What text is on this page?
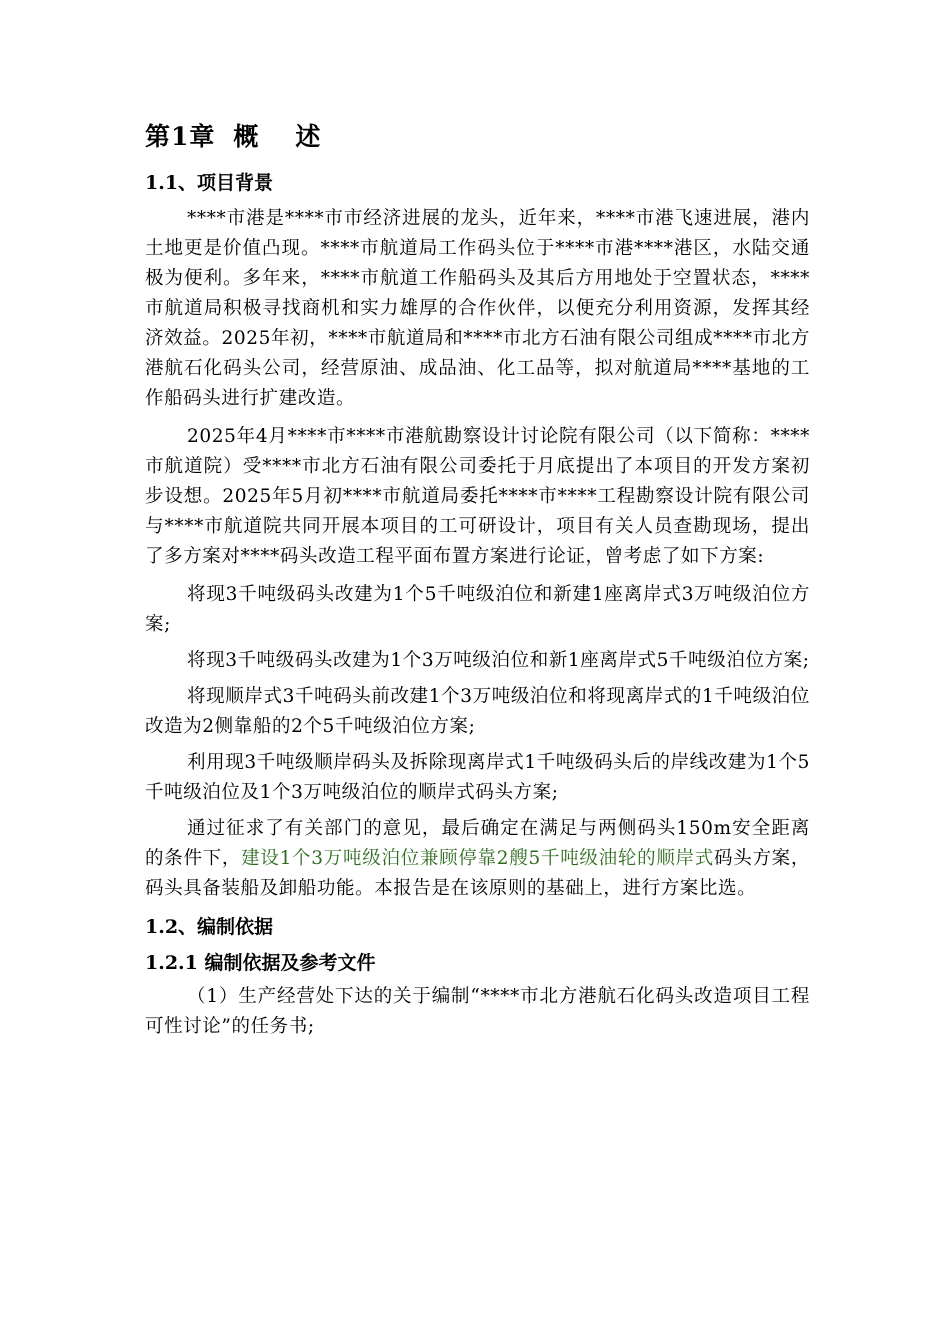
第1章 概 述
1.1、项目背景

****市港是****市市经济进展的龙头，近年来，****市港飞速进展，港内土地更是价值凸现。****市航道局工作码头位于****市港****港区，水陆交通极为便利。多年来，****市航道工作船码头及其后方用地处于空置状态，****市航道局积极寻找商机和实力雄厚的合作伙伴，以便充分利用资源，发挥其经济效益。2025年初，****市航道局和****市北方石油有限公司组成****市北方港航石化码头公司，经营原油、成品油、化工品等，拟对航道局****基地的工作船码头进行扩建改造。

2025年4月****市****市港航勘察设计讨论院有限公司（以下简称：****市航道院）受****市北方石油有限公司委托于月底提出了本项目的开发方案初步设想。2025年5月初****市航道局委托****市****工程勘察设计院有限公司与****市航道院共同开展本项目的工可研设计，项目有关人员查勘现场，提出了多方案对****码头改造工程平面布置方案进行论证，曾考虑了如下方案:

将现3千吨级码头改建为1个5千吨级泊位和新建1座离岸式3万吨级泊位方案;

将现3千吨级码头改建为1个3万吨级泊位和新1座离岸式5千吨级泊位方案;

将现顺岸式3千吨码头前改建1个3万吨级泊位和将现离岸式的1千吨级泊位改造为2侧靠船的2个5千吨级泊位方案;

利用现3千吨级顺岸码头及拆除现离岸式1千吨级码头后的岸线改建为1个5千吨级泊位及1个3万吨级泊位的顺岸式码头方案;

通过征求了有关部门的意见，最后确定在满足与两侧码头150m安全距离的条件下，建设1个3万吨级泊位兼顾停靠2艘5千吨级油轮的顺岸式码头方案，码头具备装船及卸船功能。本报告是在该原则的基础上，进行方案比选。

1.2、编制依据
1.2.1 编制依据及参考文件

（1）生产经营处下达的关于编制“****市北方港航石化码头改造项目工程可性讨论”的任务书;
